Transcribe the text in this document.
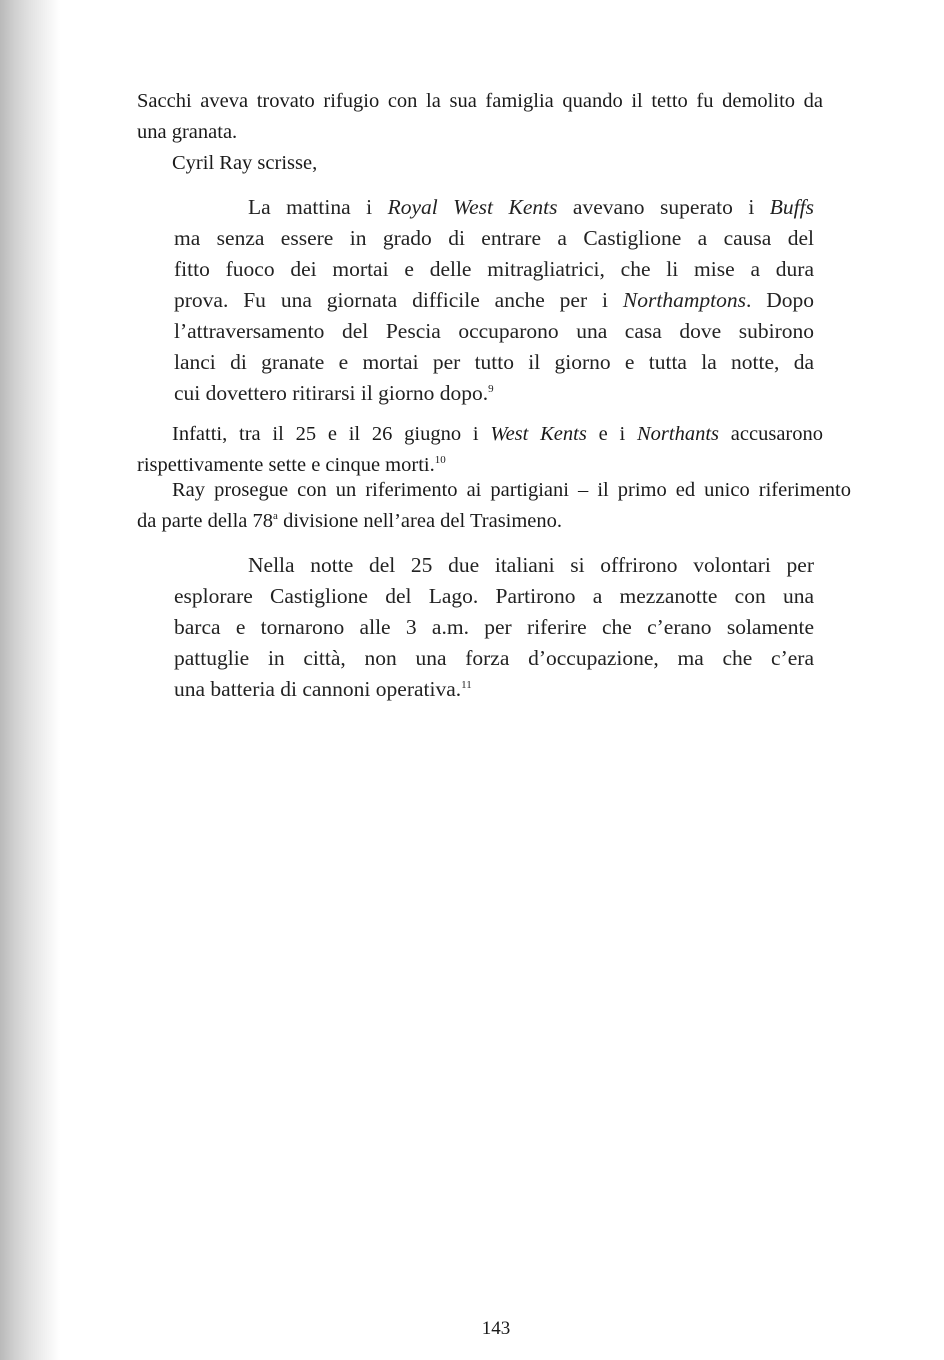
Sacchi aveva trovato rifugio con la sua famiglia quando il tetto fu demolito da
una granata.
Cyril Ray scrisse,
La mattina i Royal West Kents avevano superato i Buffs
ma senza essere in grado di entrare a Castiglione a causa del
fitto fuoco dei mortai e delle mitragliatrici, che li mise a dura
prova. Fu una giornata difficile anche per i Northamptons. Dopo
l’attraversamento del Pescia occuparono una casa dove subirono
lanci di granate e mortai per tutto il giorno e tutta la notte, da
cui dovettero ritirarsi il giorno dopo.$^9$
Infatti, tra il 25 e il 26 giugno i West Kents e i Northants accusarono
rispettivamente sette e cinque morti.$^{10}$
Ray prosegue con un riferimento ai partigiani – il primo ed unico riferimento
da parte della 78$^a$ divisione nell’area del Trasimeno.
Nella notte del 25 due italiani si offrirono volontari per
esplorare Castiglione del Lago. Partirono a mezzanotte con una
barca e tornarono alle 3 a.m. per riferire che c’erano solamente
pattuglie in città, non una forza d’occupazione, ma che c’era
una batteria di cannoni operativa.$^{11}$
143
